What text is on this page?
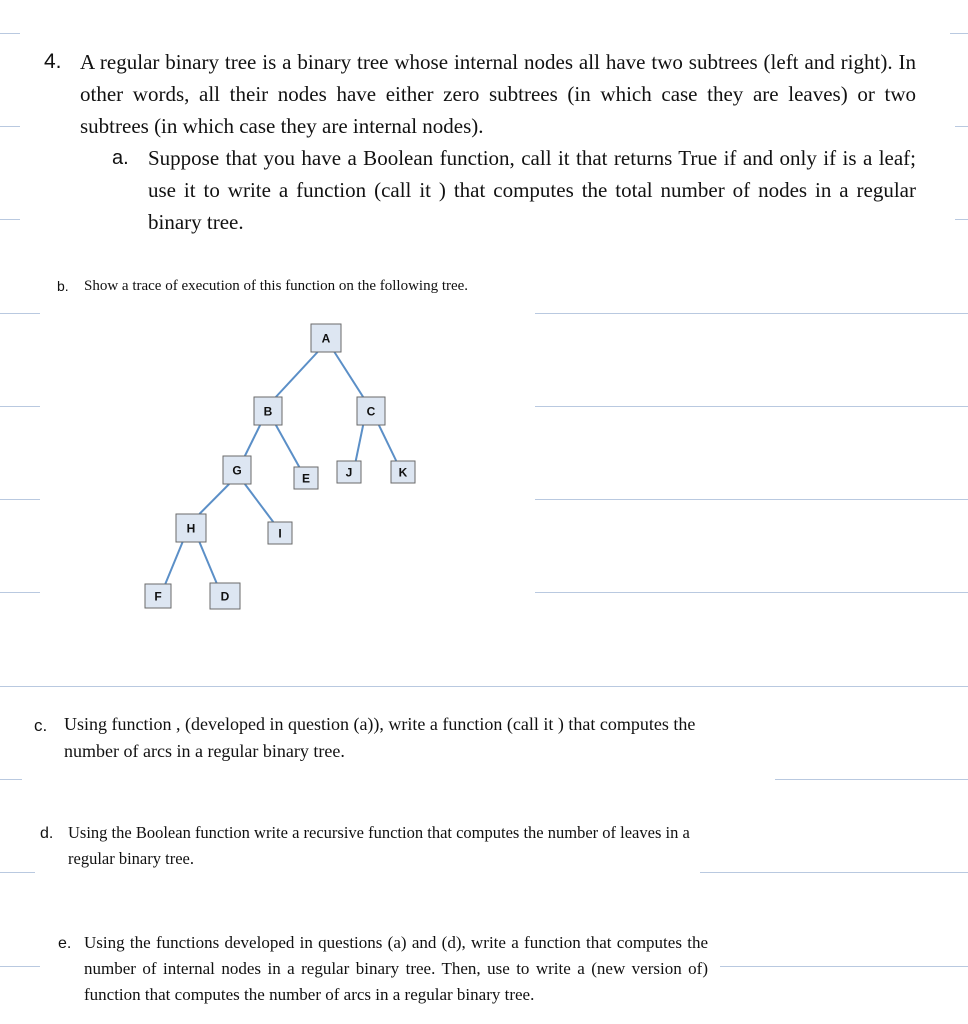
4. A regular binary tree is a binary tree whose internal nodes all have two subtrees (left and right). In other words, all their nodes have either zero subtrees (in which case they are leaves) or two subtrees (in which case they are internal nodes).
a. Suppose that you have a Boolean function, call it that returns True if and only if is a leaf; use it to write a function (call it ) that computes the total number of nodes in a regular binary tree.
b. Show a trace of execution of this function on the following tree.
A
B	C
G
E	J	K
H	I
F	D
c. Using function , (developed in question (a)), write a function (call it ) that computes the number of arcs in a regular binary tree.
d. Using the Boolean function write a recursive function that computes the number of leaves in a regular binary tree.
e. Using the functions developed in questions (a) and (d), write a function that computes the number of internal nodes in a regular binary tree. Then, use to write a (new version of) function that computes the number of arcs in a regular binary tree.
